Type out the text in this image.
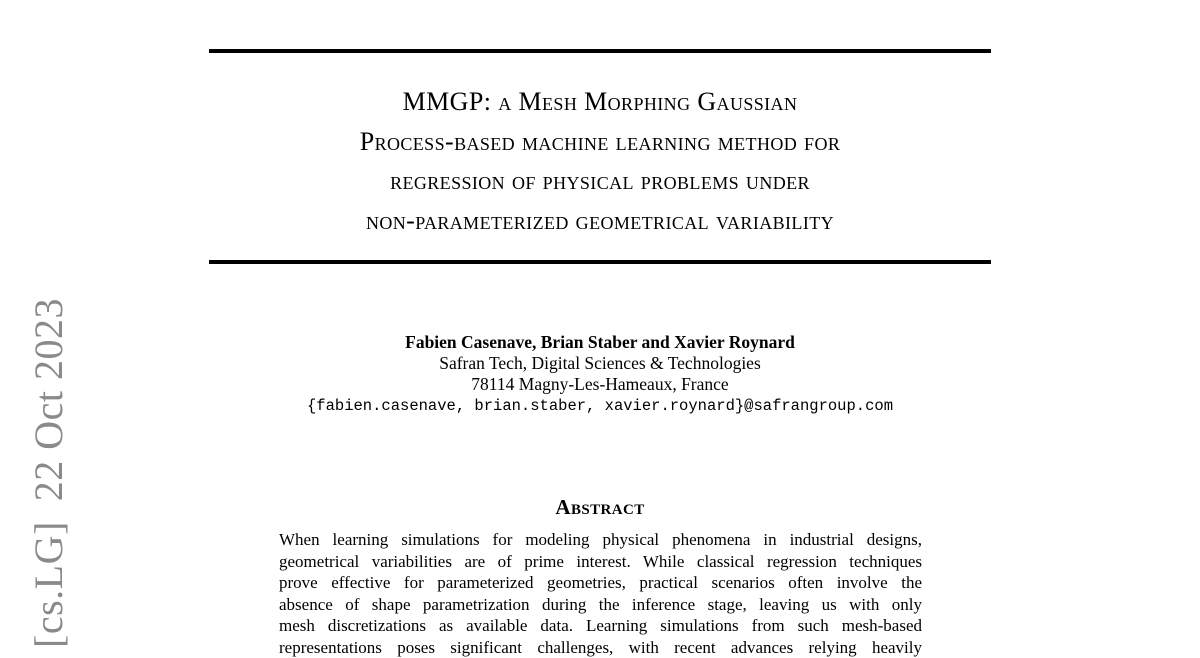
MMGP: a Mesh Morphing Gaussian
Process-based machine learning method for
regression of physical problems under
non-parameterized geometrical variability
[cs.LG]22 Oct 2023	Fabien Casenave, Brian Staber and Xavier Roynard
Safran Tech, Digital Sciences & Technologies
78114 Magny-Les-Hameaux, France
{fabien.casenave, brian.staber, xavier.roynard}@safrangroup.com
Abstract
When learning simulations for modeling physical phenomena in industrial designs,
geometrical variabilities are of prime interest. While classical regression techniques
prove effective for parameterized geometries, practical scenarios often involve the
absence of shape parametrization during the inference stage, leaving us with only
mesh discretizations as available data. Learning simulations from such mesh-based
representations poses significant challenges, with recent advances relying heavily
